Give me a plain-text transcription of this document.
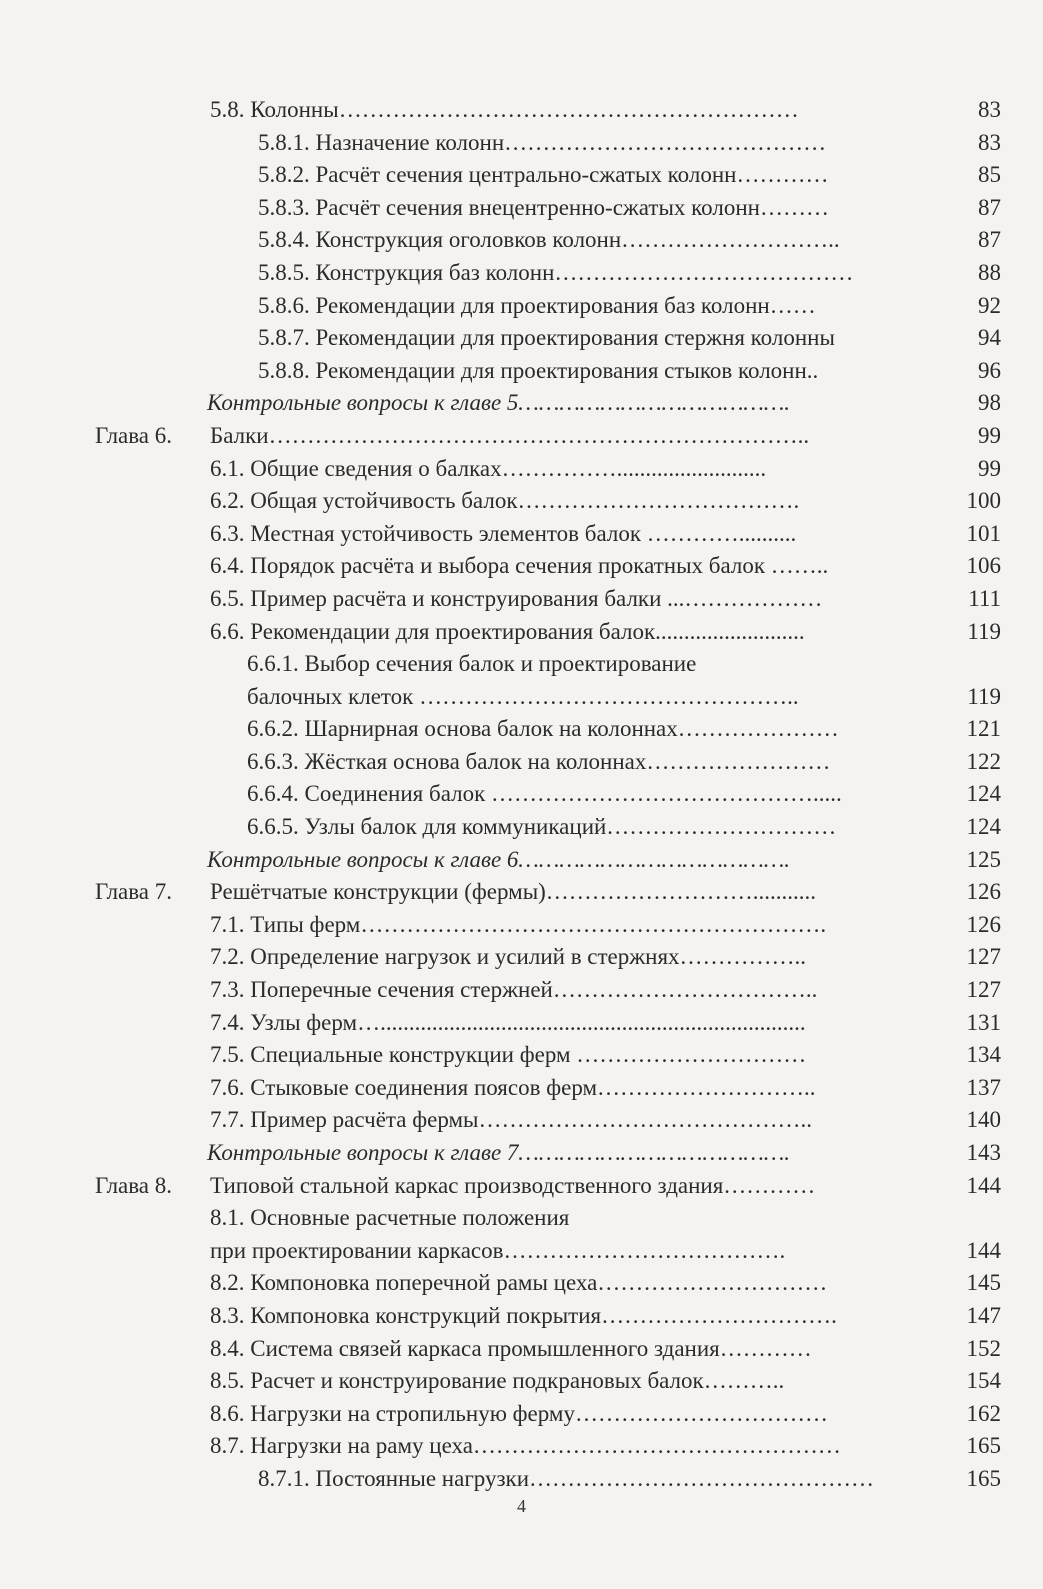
5.8. Колонны……………………………………………………	83
5.8.1. Назначение колонн……………………………………	83
5.8.2. Расчёт сечения центрально-сжатых колонн…………	85
5.8.3. Расчёт сечения внецентренно-сжатых колонн………	87
5.8.4. Конструкция оголовков колонн………………………..	87
5.8.5. Конструкция баз колонн…………………………………	88
5.8.6. Рекомендации для проектирования баз колонн……	92
5.8.7. Рекомендации для проектирования стержня колонны	94
5.8.8. Рекомендации для проектирования стыков колонн..	96
Контрольные вопросы к главе 5………………………………….	98
Глава 6. Балки……………………………………………………………..	99
6.1. Общие сведения о балках……………..........................	99
6.2. Общая устойчивость балок……………………………….	100
6.3. Местная устойчивость элементов балок …………..........	101
6.4. Порядок расчёта и выбора сечения прокатных балок ……..	106
6.5. Пример расчёта и конструирования балки ...………………	111
6.6. Рекомендации для проектирования балок..........................	119
6.6.1. Выбор сечения балок и проектирование
балочных клеток …………………………………………..	119
6.6.2. Шарнирная основа балок на колоннах…………………	121
6.6.3. Жёсткая основа балок на колоннах……………………	122
6.6.4. Соединения балок …………………………………….....	124
6.6.5. Узлы балок для коммуникаций…………………………	124
Контрольные вопросы к главе 6………………………………….	125
Глава 7. Решётчатые конструкции (фермы)………………………...........	126
7.1. Типы ферм…………………………………………………….	126
7.2. Определение нагрузок и усилий в стержнях……………..	127
7.3. Поперечные сечения стержней……………………………..	127
7.4. Узлы ферм…..........................................................................	131
7.5. Специальные конструкции ферм …………………………	134
7.6. Стыковые соединения поясов ферм………………………..	137
7.7. Пример расчёта фермы……………………………………..	140
Контрольные вопросы к главе 7………………………………….	143
Глава 8. Типовой стальной каркас производственного здания…………	144
8.1. Основные расчетные положения
при проектировании каркасов……………………………….	144
8.2. Компоновка поперечной рамы цеха…………………………	145
8.3. Компоновка конструкций покрытия………………………….	147
8.4. Система связей каркаса промышленного здания…………	152
8.5. Расчет и конструирование подкрановых балок………..	154
8.6. Нагрузки на стропильную ферму……………………………	162
8.7. Нагрузки на раму цеха…………………………………………	165
8.7.1. Постоянные нагрузки………………………………………	165
4
